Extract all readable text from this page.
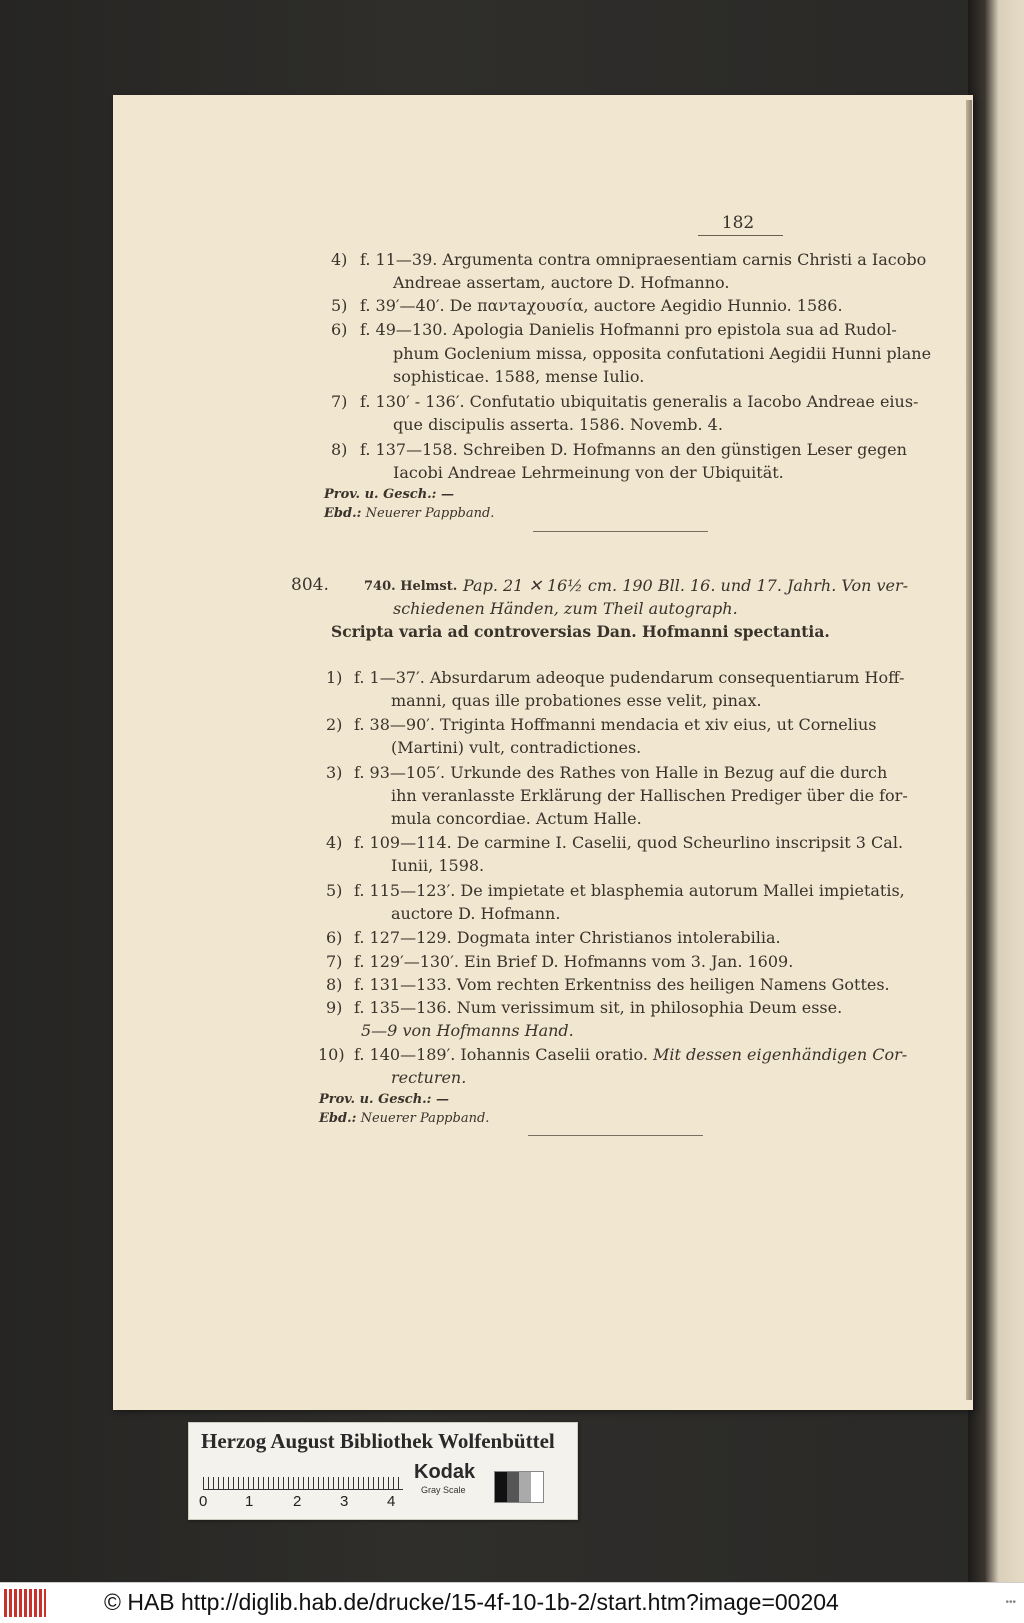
182
4) f. 11—39. Argumenta contra omnipraesentiam carnis Christi a Iacobo
Andreae assertam, auctore D. Hofmanno.
5) f. 39′—40′. De παντaχουσία, auctore Aegidio Hunnio. 1586.
6) f. 49—130. Apologia Danielis Hofmanni pro epistola sua ad Rudol-
phum Goclenium missa, opposita confutationi Aegidii Hunni plane
sophisticae. 1588, mense Iulio.
7) f. 130′ - 136′. Confutatio ubiquitatis generalis a Iacobo Andreae eius-
que discipulis asserta. 1586. Novemb. 4.
8) f. 137—158. Schreiben D. Hofmanns an den günstigen Leser gegen
Iacobi Andreae Lehrmeinung von der Ubiquität.
Prov. u. Gesch.: —
Ebd.: Neuerer Pappband.
804.	740. Helmst. Pap. 21 ✕ 16½ cm. 190 Bll. 16. und 17. Jahrh. Von ver-
schiedenen Händen, zum Theil autograph.
Scripta varia ad controversias Dan. Hofmanni spectantia.
1) f. 1—37′. Absurdarum adeoque pudendarum consequentiarum Hoff-
manni, quas ille probationes esse velit, pinax.
2) f. 38—90′. Triginta Hoffmanni mendacia et xiv eius, ut Cornelius
(Martini) vult, contradictiones.
3) f. 93—105′. Urkunde des Rathes von Halle in Bezug auf die durch
ihn veranlasste Erklärung der Hallischen Prediger über die for-
mula concordiae. Actum Halle.
4) f. 109—114. De carmine I. Caselii, quod Scheurlino inscripsit 3 Cal.
Iunii, 1598.
5) f. 115—123′. De impietate et blasphemia autorum Mallei impietatis,
auctore D. Hofmann.
6) f. 127—129. Dogmata inter Christianos intolerabilia.
7) f. 129′—130′. Ein Brief D. Hofmanns vom 3. Jan. 1609.
8) f. 131—133. Vom rechten Erkentniss des heiligen Namens Gottes.
9) f. 135—136. Num verissimum sit, in philosophia Deum esse.
5—9 von Hofmanns Hand.
10) f. 140—189′. Iohannis Caselii oratio. Mit dessen eigenhändigen Cor-
recturen.
Prov. u. Gesch.: —
Ebd.: Neuerer Pappband.
Herzog August Bibliothek Wolfenbüttel
0	1	2	3	4
Kodak
Gray Scale
© HAB http://diglib.hab.de/drucke/15-4f-10-1b-2/start.htm?image=00204	•••
